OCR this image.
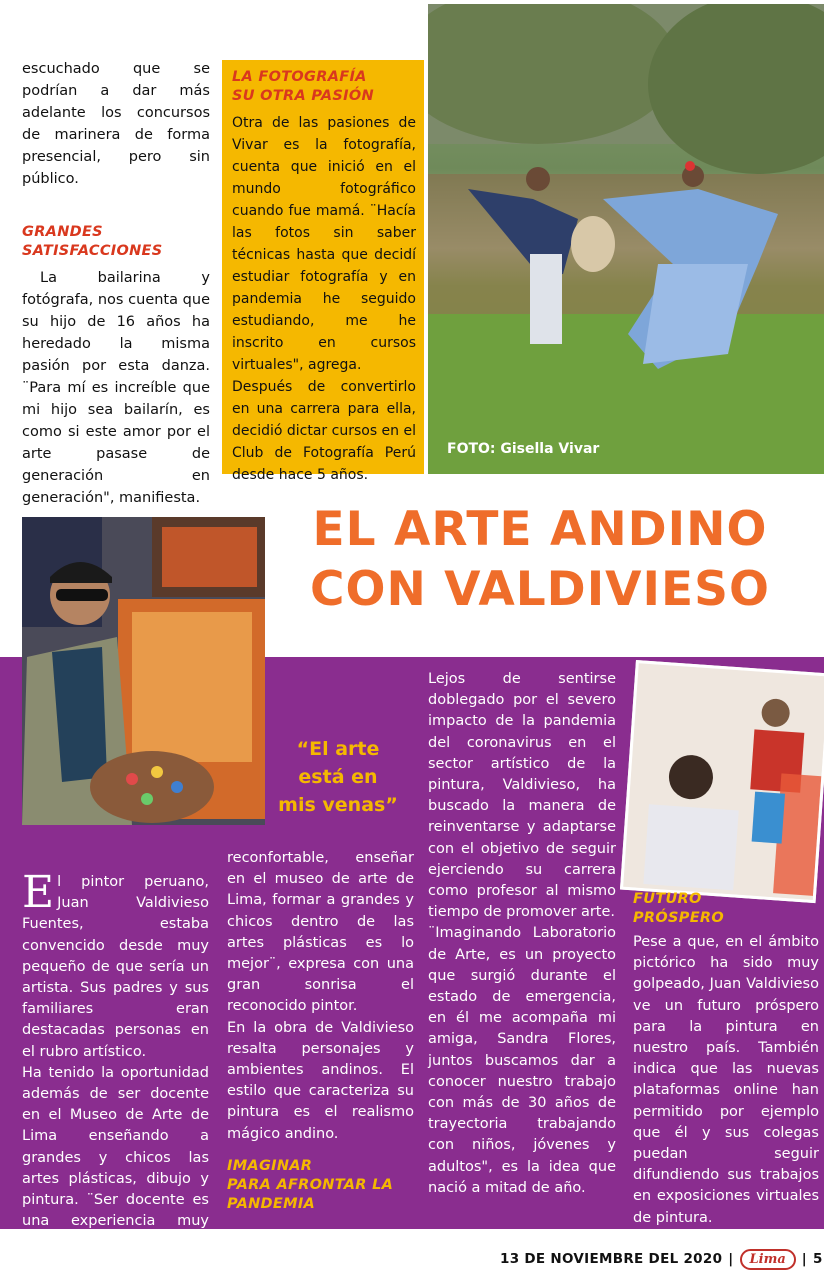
escuchado que se podrían a dar más adelante los concursos de marinera de forma presencial, pero sin público.

GRANDES
SATISFACCIONES

La bailarina y fotógrafa, nos cuenta que su hijo de 16 años ha heredado la misma pasión por esta danza. ¨Para mí es increíble que mi hijo sea bailarín, es como si este amor por el arte pasase de generación en generación", manifiesta.

LA FOTOGRAFÍA
SU OTRA PASIÓN

Otra de las pasiones de Vivar es la fotografía, cuenta que inició en el mundo fotográfico cuando fue mamá. ¨Hacía las fotos sin saber técnicas hasta que decidí estudiar fotografía y en pandemia he seguido estudiando, me he inscrito en cursos virtuales", agrega.

Después de convertirlo en una carrera para ella, decidió dictar cursos en el Club de Fotografía Perú desde hace 5 años.

FOTO: Gisella Vivar
EL ARTE ANDINO
CON VALDIVIESO
“El arte
está en
mis venas”

El pintor peruano, Juan Valdivieso Fuentes, estaba convencido desde muy pequeño de que sería un artista. Sus padres y sus familiares eran destacadas personas en el rubro artístico.

Ha tenido la oportunidad además de ser docente en el Museo de Arte de Lima enseñando a grandes y chicos las artes plásticas, dibujo y pintura. ¨Ser docente es una experiencia muy linda y

reconfortable, enseñar en el museo de arte de Lima, formar a grandes y chicos dentro de las artes plásticas es lo mejor¨, expresa con una gran sonrisa el reconocido pintor.

En la obra de Valdivieso resalta personajes y ambientes andinos. El estilo que caracteriza su pintura es el realismo mágico andino.

IMAGINAR
PARA AFRONTAR LA
PANDEMIA

Lejos de sentirse doblegado por el severo impacto de la pandemia del coronavirus en el sector artístico de la pintura, Valdivieso, ha buscado la manera de reinventarse y adaptarse con el objetivo de seguir ejerciendo su carrera como profesor al mismo tiempo de promover arte.

¨Imaginando Laboratorio de Arte, es un proyecto que surgió durante el estado de emergencia, en él me acompaña mi amiga, Sandra Flores, juntos buscamos dar a conocer nuestro trabajo con más de 30 años de trayectoria trabajando con niños, jóvenes y adultos", es la idea que nació a mitad de año.

FUTURO
PRÓSPERO

Pese a que, en el ámbito pictórico ha sido muy golpeado, Juan Valdivieso ve un futuro próspero para la pintura en nuestro país. También indica que las nuevas plataformas online han permitido por ejemplo que él y sus colegas puedan seguir difundiendo sus trabajos en exposiciones virtuales de pintura.

13 DE NOVIEMBRE DEL 2020 |	Lima	| 5
